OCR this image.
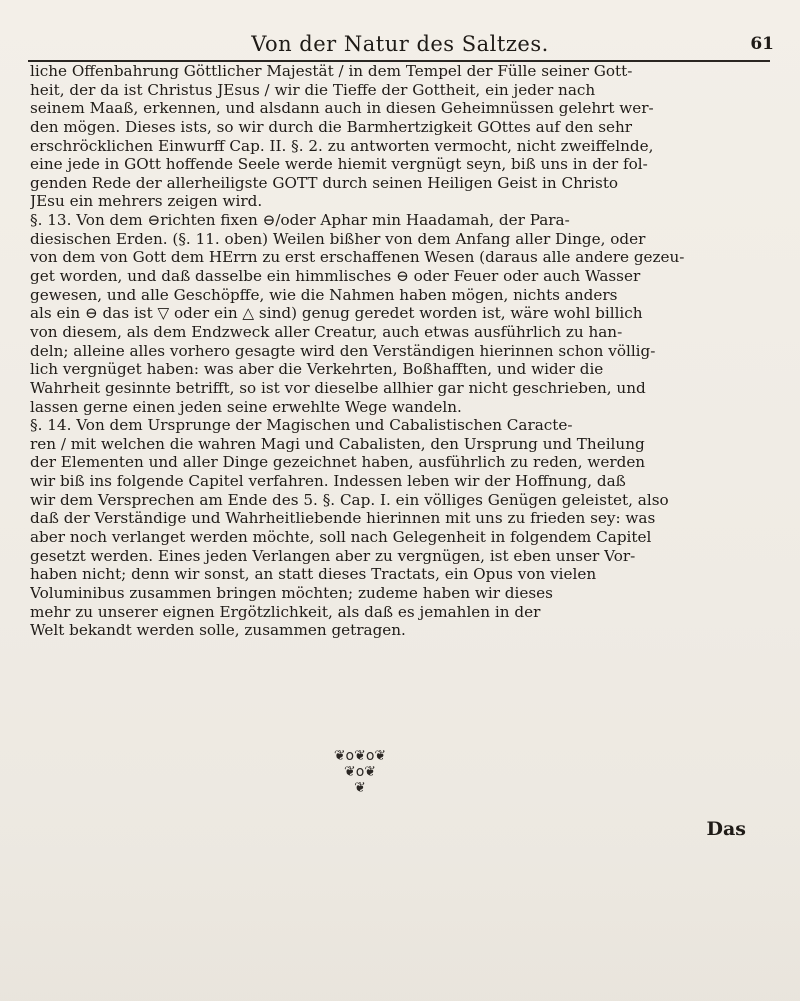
Von der Natur des Saltzes.	61

liche Offenbahrung Göttlicher Majestät / in dem Tempel der Fülle seiner Gott-
heit, der da ist Christus JEsus / wir die Tieffe der Gottheit, ein jeder nach
seinem Maaß, erkennen, und alsdann auch in diesen Geheimnüssen gelehrt wer-
den mögen. Dieses ists, so wir durch die Barmhertzigkeit GOttes auf den sehr
erschröcklichen Einwurff Cap. II. §. 2. zu antworten vermocht, nicht zweiffelnde,
eine jede in GOtt hoffende Seele werde hiemit vergnügt seyn, biß uns in der fol-
genden Rede der allerheiligste GOTT durch seinen Heiligen Geist in Christo
JEsu ein mehrers zeigen wird.

§. 13. Von dem ⊖richten fixen ⊖/oder Aphar min Haadamah, der Para-
diesischen Erden. (§. 11. oben) Weilen bißher von dem Anfang aller Dinge, oder
von dem von Gott dem HErrn zu erst erschaffenen Wesen (daraus alle andere gezeu-
get worden, und daß dasselbe ein himmlisches ⊖ oder Feuer oder auch Wasser
gewesen, und alle Geschöpffe, wie die Nahmen haben mögen, nichts anders
als ein ⊖ das ist ▽ oder ein △ sind) genug geredet worden ist, wäre wohl billich
von diesem, als dem Endzweck aller Creatur, auch etwas ausführlich zu han-
deln; alleine alles vorhero gesagte wird den Verständigen hierinnen schon völlig-
lich vergnüget haben: was aber die Verkehrten, Boßhafften, und wider die
Wahrheit gesinnte betrifft, so ist vor dieselbe allhier gar nicht geschrieben, und
lassen gerne einen jeden seine erwehlte Wege wandeln.

§. 14. Von dem Ursprunge der Magischen und Cabalistischen Caracte-
ren / mit welchen die wahren Magi und Cabalisten, den Ursprung und Theilung
der Elementen und aller Dinge gezeichnet haben, ausführlich zu reden, werden
wir biß ins folgende Capitel verfahren. Indessen leben wir der Hoffnung, daß
wir dem Versprechen am Ende des 5. §. Cap. I. ein völliges Genügen geleistet, also
daß der Verständige und Wahrheitliebende hierinnen mit uns zu frieden sey: was
aber noch verlanget werden möchte, soll nach Gelegenheit in folgendem Capitel
gesetzt werden. Eines jeden Verlangen aber zu vergnügen, ist eben unser Vor-
haben nicht; denn wir sonst, an statt dieses Tractats, ein Opus von vielen
Voluminibus zusammen bringen möchten; zudeme haben wir dieses
mehr zu unserer eignen Ergötzlichkeit, als daß es jemahlen in der
Welt bekandt werden solle, zusammen getragen.

❦o❦o❦
❦o❦
❦
Das
